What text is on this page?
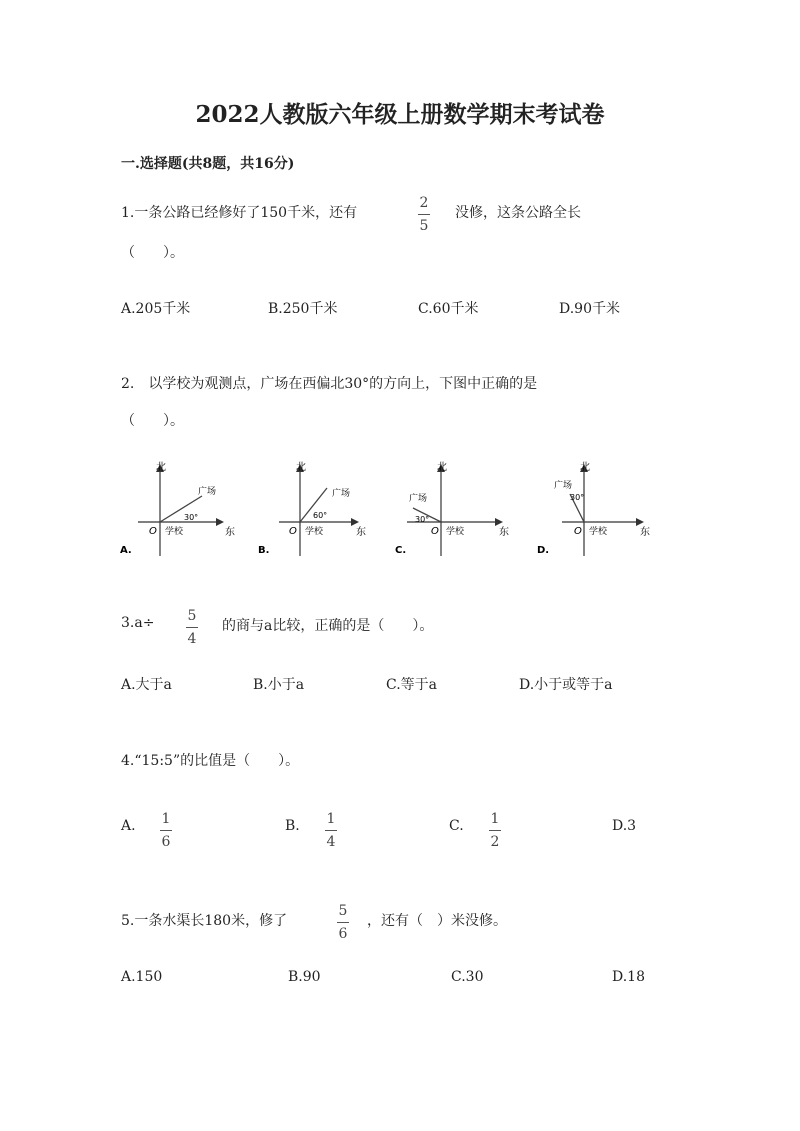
2022人教版六年级上册数学期末考试卷
一.选择题(共8题，共16分)
1.一条公路已经修好了150千米，还有
2
5
没修，这条公路全长
（　　）。
A.205千米	B.250千米	C.60千米	D.90千米
2.　以学校为观测点，广场在西偏北30°的方向上，下图中正确的是
（　　）。
北
东
O 学校
广场
30°
A.
北
东
O 学校
广场
60°
B.
北
东
O 学校
广场
30°
C.
北
东
O 学校
广场
30°
D.
3.a÷ 5
4
的商与a比较，正确的是（　　）。
A.大于a	B.小于a	C.等于a	D.小于或等于a
4.“15:5”的比值是（　　）。
A. 1
6
B. 1
4
C. 1
2
D.3
5.一条水渠长180米，修了
5
6
，还有（　）米没修。
A.150	B.90	C.30	D.18
